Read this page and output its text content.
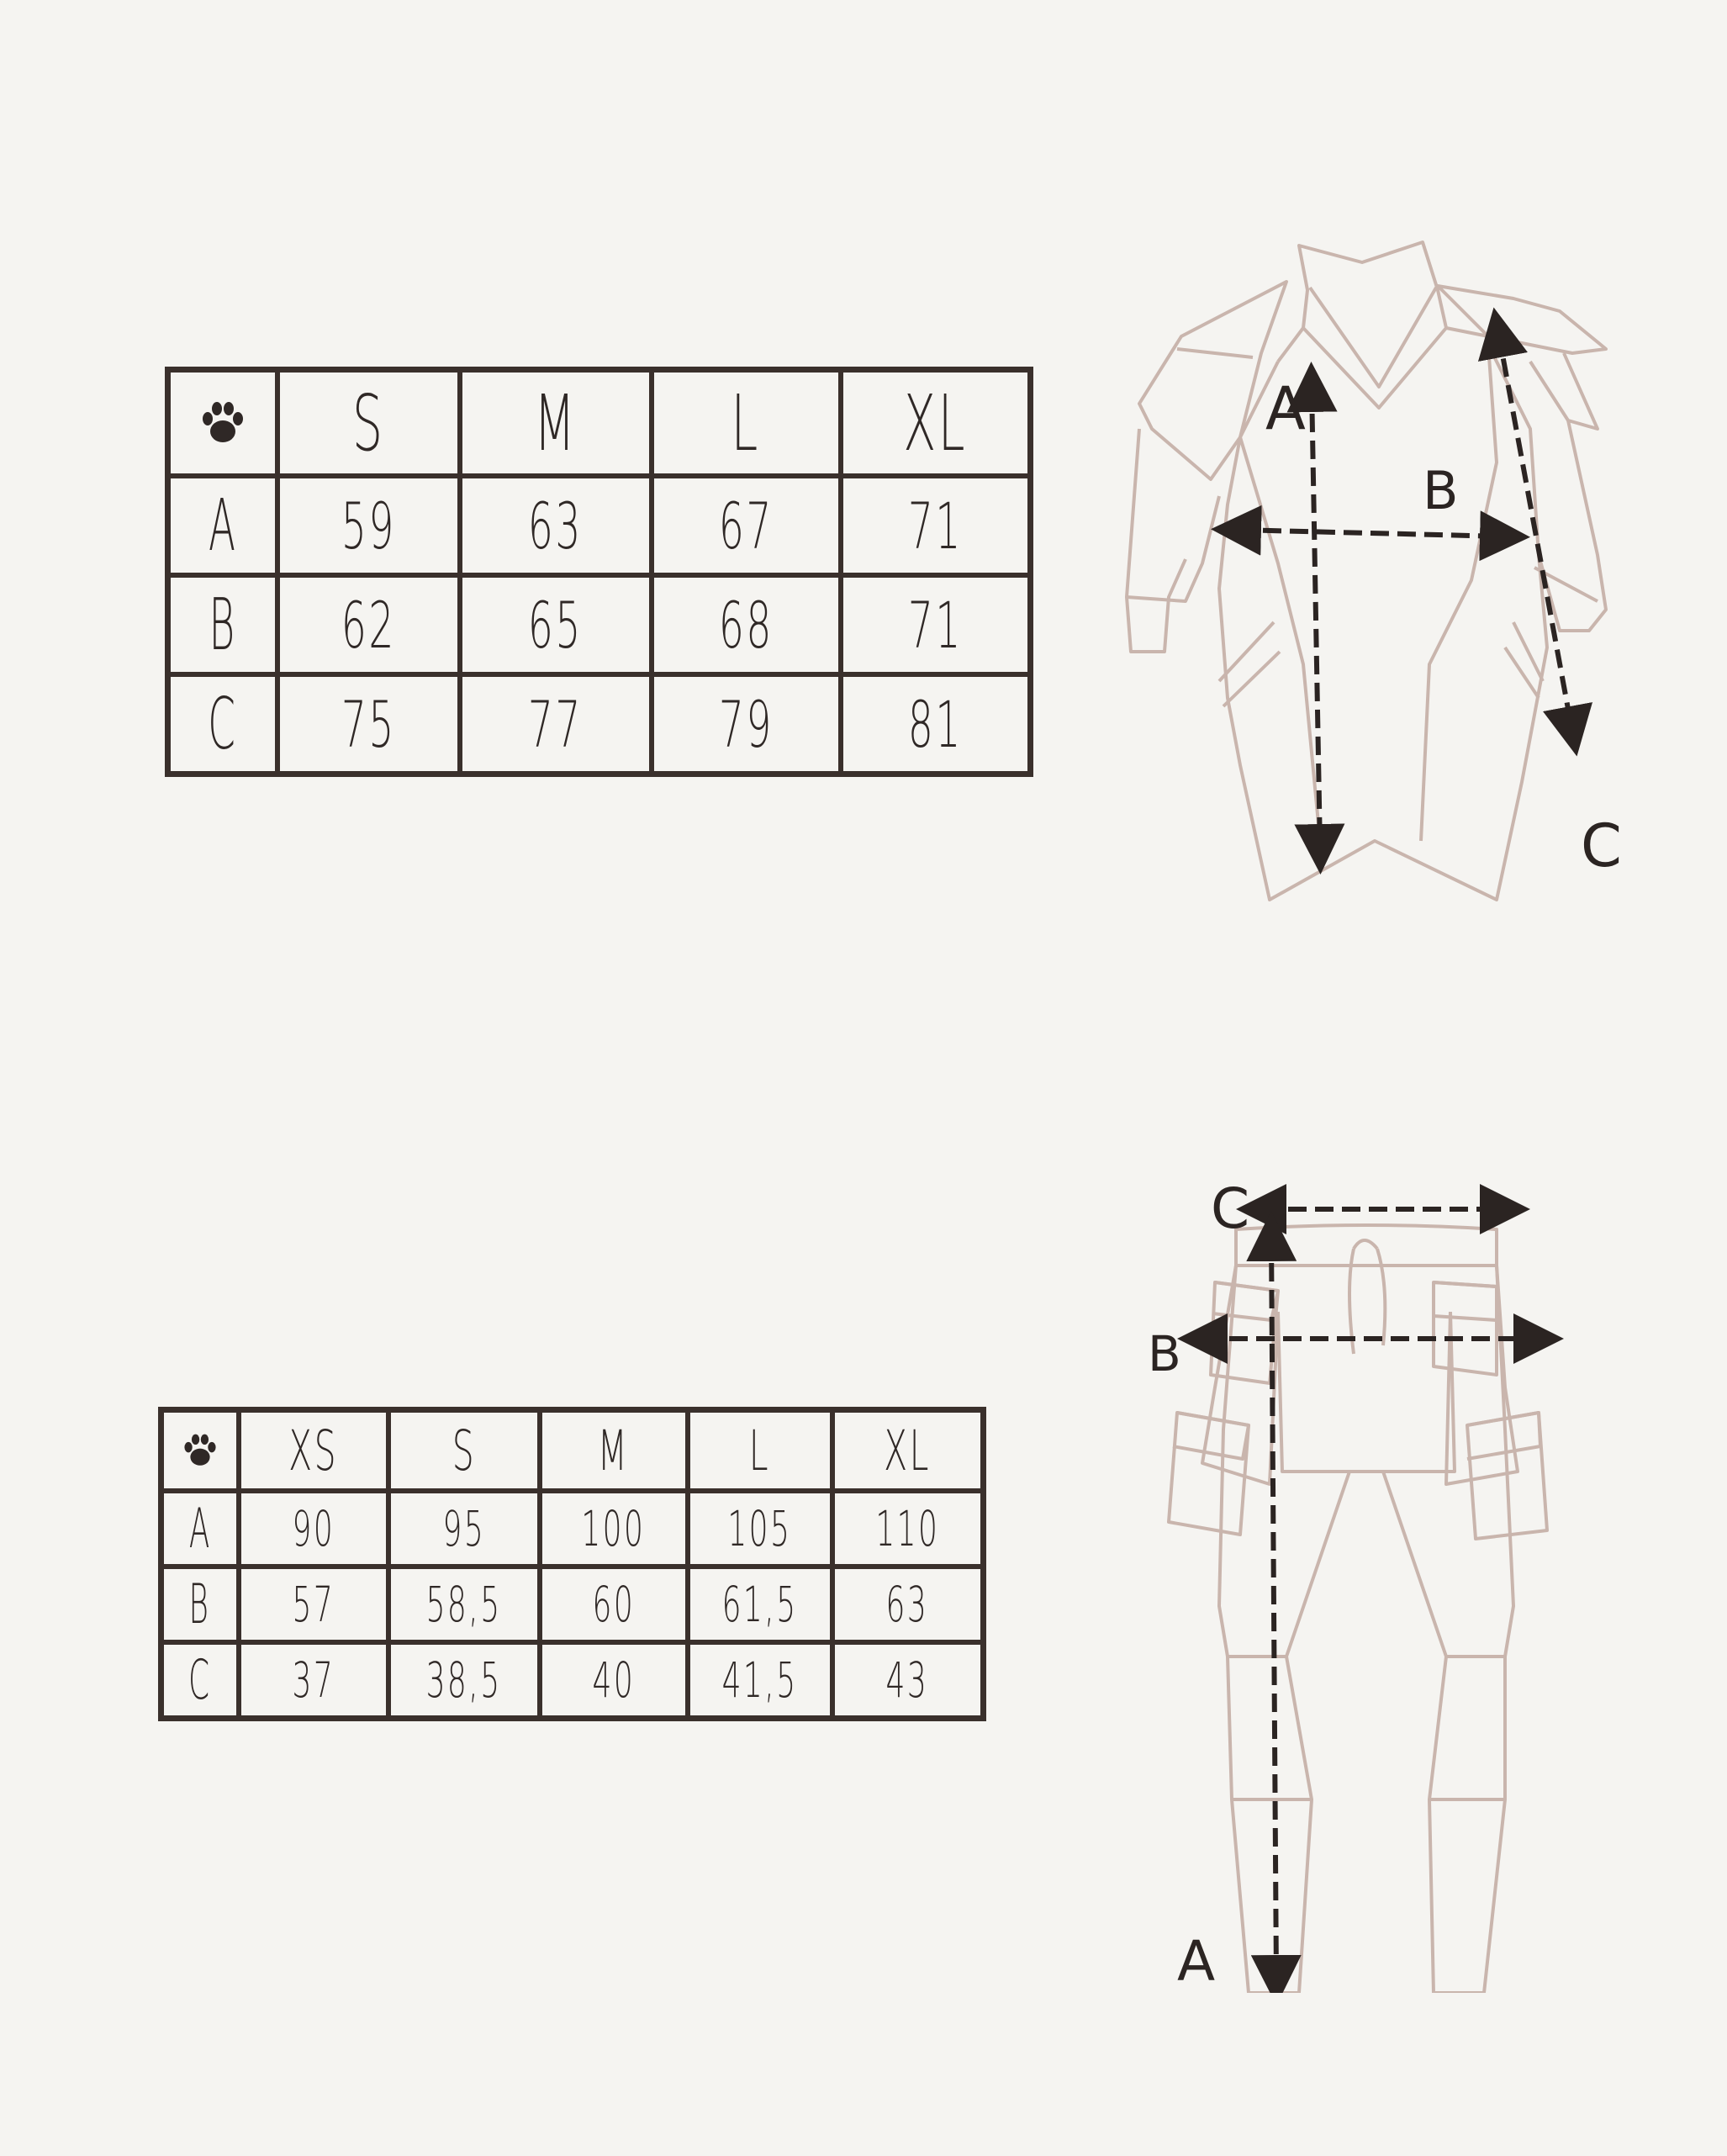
	S	M	L	XL
A	59	63	67	71
B	62	65	68	71
C	75	77	79	81
A
B
C
	XS	S	M	L	XL
A	90	95	100	105	110
B	57	58,5	60	61,5	63
C	37	38,5	40	41,5	43
C
B
A
